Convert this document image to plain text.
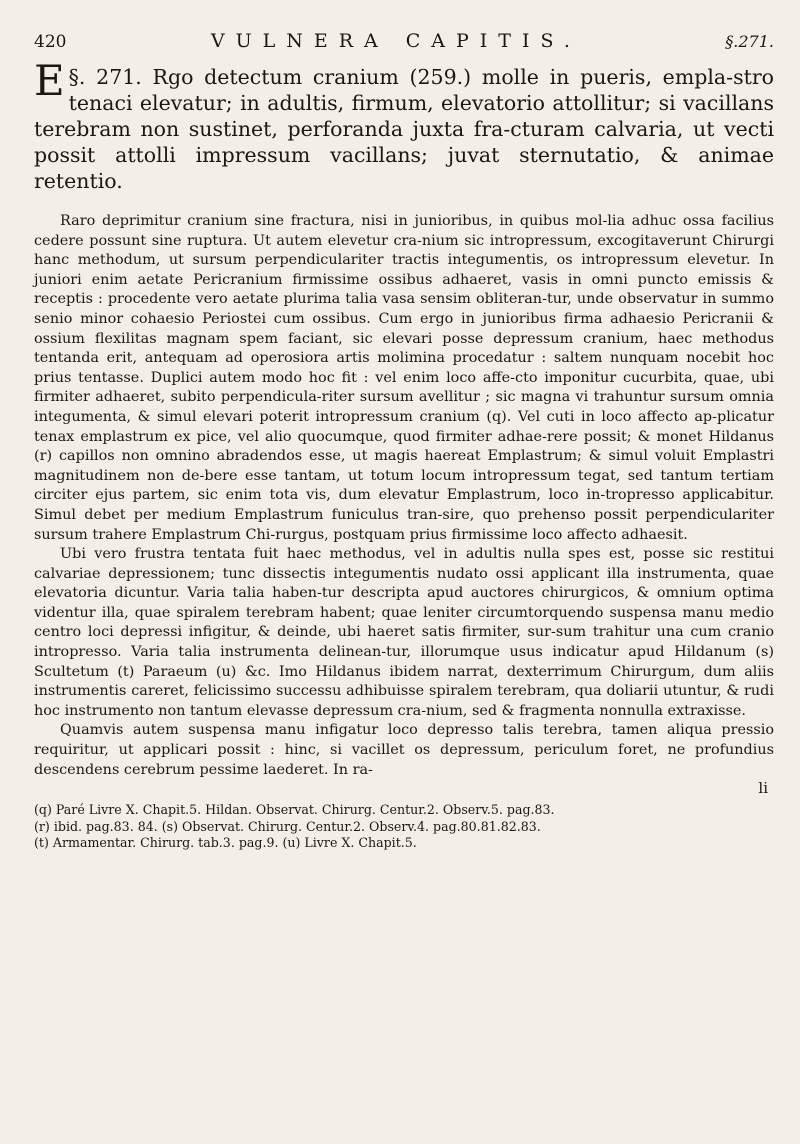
420	VULNERA CAPITIS.	§.271.

§. 271.
E	Rgo detectum cranium (259.) molle in pueris, empla-stro tenaci elevatur; in adultis, firmum, elevatorio attollitur; si vacillans terebram non sustinet, perforanda juxta fra-cturam calvaria, ut vecti possit attolli impressum vacillans; juvat sternutatio, & animae retentio.

Raro deprimitur cranium sine fractura, nisi in junioribus, in quibus mol-lia adhuc ossa facilius cedere possunt sine ruptura. Ut autem elevetur cra-nium sic intropressum, excogitaverunt Chirurgi hanc methodum, ut sursum perpendiculariter tractis integumentis, os intropressum elevetur. In juniori enim aetate Pericranium firmissime ossibus adhaeret, vasis in omni puncto emissis & receptis : procedente vero aetate plurima talia vasa sensim obliteran-tur, unde observatur in summo senio minor cohaesio Periostei cum ossibus. Cum ergo in junioribus firma adhaesio Pericranii & ossium flexilitas magnam spem faciant, sic elevari posse depressum cranium, haec methodus tentanda erit, antequam ad operosiora artis molimina procedatur : saltem nunquam nocebit hoc prius tentasse. Duplici autem modo hoc fit : vel enim loco affe-cto imponitur cucurbita, quae, ubi firmiter adhaeret, subito perpendicula-riter sursum avellitur ; sic magna vi trahuntur sursum omnia integumenta, & simul elevari poterit intropressum cranium (q). Vel cuti in loco affecto ap-plicatur tenax emplastrum ex pice, vel alio quocumque, quod firmiter adhae-rere possit; & monet Hildanus (r) capillos non omnino abradendos esse, ut magis haereat Emplastrum; & simul voluit Emplastri magnitudinem non de-bere esse tantam, ut totum locum intropressum tegat, sed tantum tertiam circiter ejus partem, sic enim tota vis, dum elevatur Emplastrum, loco in-tropresso applicabitur. Simul debet per medium Emplastrum funiculus tran-sire, quo prehenso possit perpendiculariter sursum trahere Emplastrum Chi-rurgus, postquam prius firmissime loco affecto adhaesit.

Ubi vero frustra tentata fuit haec methodus, vel in adultis nulla spes est, posse sic restitui calvariae depressionem; tunc dissectis integumentis nudato ossi applicant illa instrumenta, quae elevatoria dicuntur. Varia talia haben-tur descripta apud auctores chirurgicos, & omnium optima videntur illa, quae spiralem terebram habent; quae leniter circumtorquendo suspensa manu medio centro loci depressi infigitur, & deinde, ubi haeret satis firmiter, sur-sum trahitur una cum cranio intropresso. Varia talia instrumenta delinean-tur, illorumque usus indicatur apud Hildanum (s) Scultetum (t) Paraeum (u) &c. Imo Hildanus ibidem narrat, dexterrimum Chirurgum, dum aliis instrumentis careret, felicissimo successu adhibuisse spiralem terebram, qua doliarii utuntur, & rudi hoc instrumento non tantum elevasse depressum cra-nium, sed & fragmenta nonnulla extraxisse.

Quamvis autem suspensa manu infigatur loco depresso talis terebra, tamen aliqua pressio requiritur, ut applicari possit : hinc, si vacillet os depressum, periculum foret, ne profundius descendens cerebrum pessime laederet. In ra-

li
(q) Paré Livre X. Chapit.5. Hildan. Observat. Chirurg. Centur.2. Observ.5. pag.83.
(r) ibid. pag.83. 84. (s) Observat. Chirurg. Centur.2. Observ.4. pag.80.81.82.83.
(t) Armamentar. Chirurg. tab.3. pag.9. (u) Livre X. Chapit.5.
